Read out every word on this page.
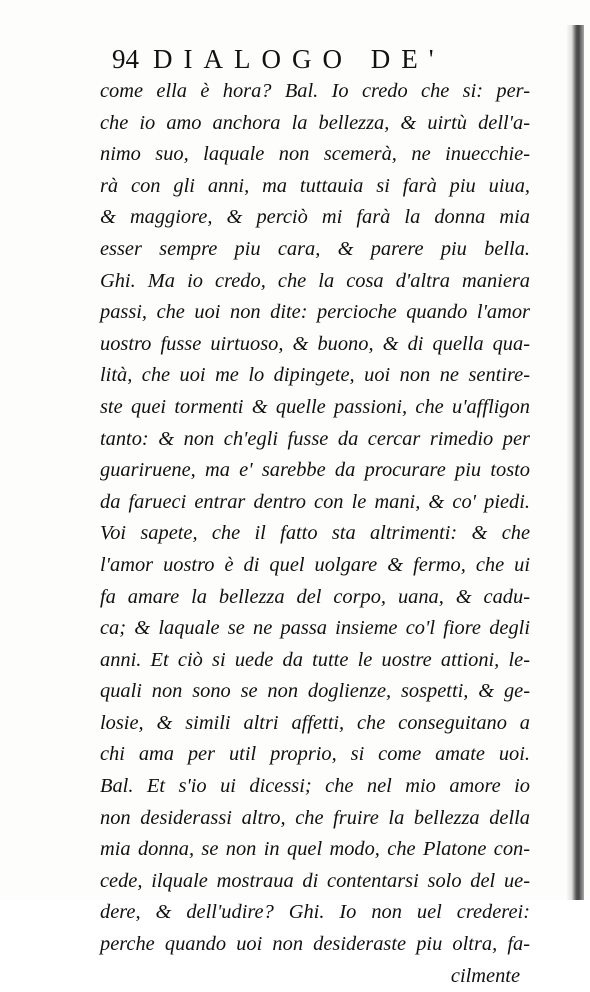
94 DIALOGO DE'
come ella è hora? Bal. Io credo che si: per-
che io amo anchora la bellezza, & uirtù dell'a-
nimo suo, laquale non scemerà, ne inuecchie-
rà con gli anni, ma tuttauia si farà piu uiua,
& maggiore, & perciò mi farà la donna mia
esser sempre piu cara, & parere piu bella.
Ghi. Ma io credo, che la cosa d'altra maniera
passi, che uoi non dite: percioche quando l'amor
uostro fusse uirtuoso, & buono, & di quella qua-
lità, che uoi me lo dipingete, uoi non ne sentire-
ste quei tormenti & quelle passioni, che u'affligon
tanto: & non ch'egli fusse da cercar rimedio per
guariruene, ma e' sarebbe da procurare piu tosto
da farueci entrar dentro con le mani, & co' piedi.
Voi sapete, che il fatto sta altrimenti: & che
l'amor uostro è di quel uolgare & fermo, che ui
fa amare la bellezza del corpo, uana, & cadu-
ca; & laquale se ne passa insieme co'l fiore degli
anni. Et ciò si uede da tutte le uostre attioni, le-
quali non sono se non doglienze, sospetti, & ge-
losie, & simili altri affetti, che conseguitano a
chi ama per util proprio, si come amate uoi.
Bal. Et s'io ui dicessi; che nel mio amore io
non desiderassi altro, che fruire la bellezza della
mia donna, se non in quel modo, che Platone con-
cede, ilquale mostraua di contentarsi solo del ue-
dere, & dell'udire? Ghi. Io non uel crederei:
perche quando uoi non desideraste piu oltra, fa-
cilmente
